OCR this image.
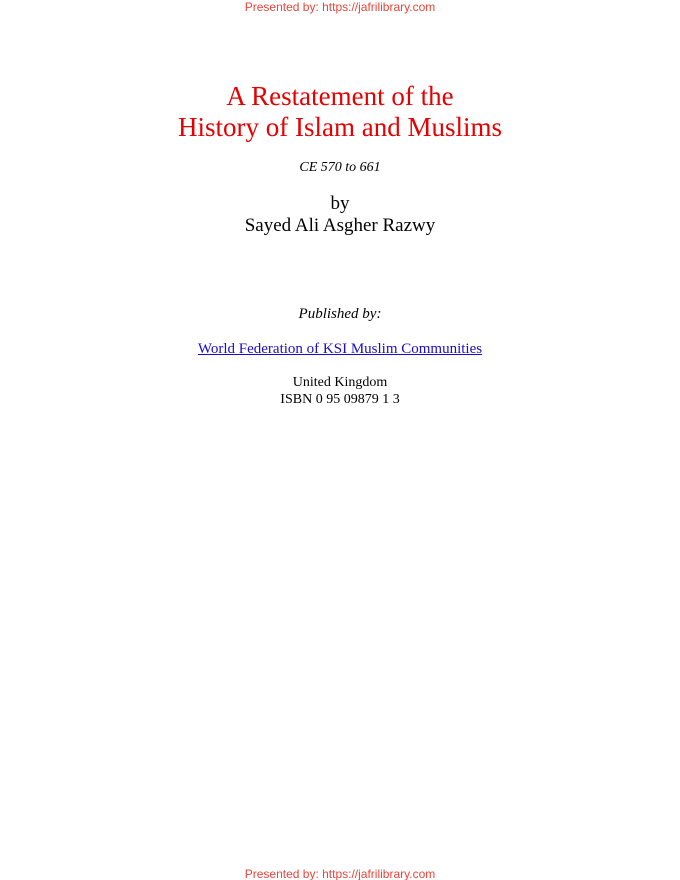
Presented by: https://jafrilibrary.com
A Restatement of the
History of Islam and Muslims
CE 570 to 661
by
Sayed Ali Asgher Razwy
Published by:
World Federation of KSI Muslim Communities
United Kingdom
ISBN 0 95 09879 1 3
Presented by: https://jafrilibrary.com
